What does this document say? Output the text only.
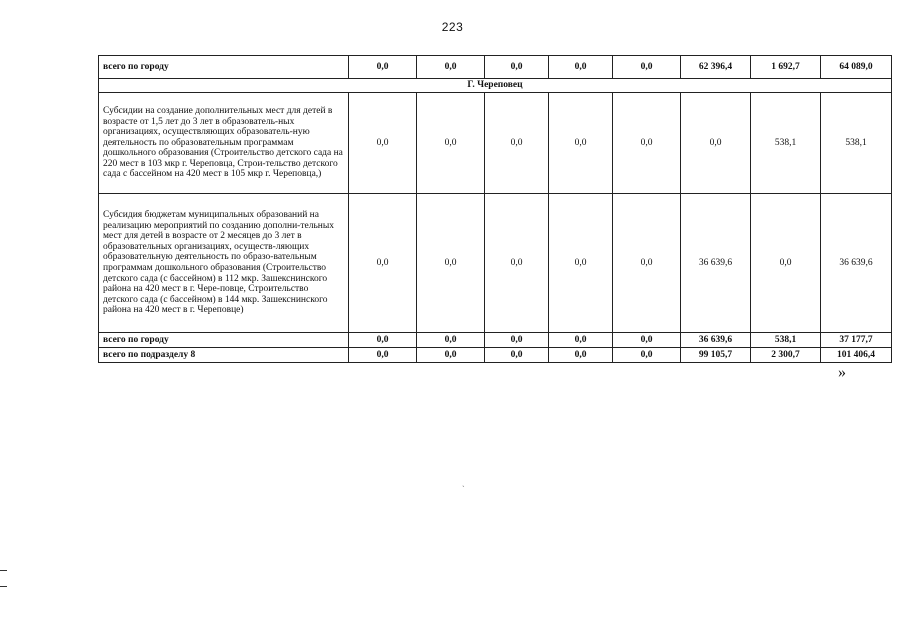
223
всего по городу	0,0	0,0	0,0	0,0	0,0	62 396,4	1 692,7	64 089,0
Г. Череповец								
Субсидии на создание дополнительных мест для детей в возрасте от 1,5 лет до 3 лет в образователь-ных организациях, осуществляющих образователь-ную деятельность по образовательным программам дошкольного образования (Строительство детского сада на 220 мест в 103 мкр г. Череповца, Строи-тельство детского сада с бассейном на 420 мест в 105 мкр г. Череповца,)	0,0	0,0	0,0	0,0	0,0	0,0	538,1	538,1
Субсидия бюджетам муниципальных образований на реализацию мероприятий по созданию дополни-тельных мест для детей в возрасте от 2 месяцев до 3 лет в образовательных организациях, осуществ-ляющих образовательную деятельность по образо-вательным программам дошкольного образования (Строительство детского сада (с бассейном) в 112 мкр. Зашекснинского района на 420 мест в г. Чере-повце, Строительство детского сада (с бассейном) в 144 мкр. Зашекснинского района на 420 мест в г. Череповце)	0,0	0,0	0,0	0,0	0,0	36 639,6	0,0	36 639,6
всего по городу	0,0	0,0	0,0	0,0	0,0	36 639,6	538,1	37 177,7
всего по подразделу 8	0,0	0,0	0,0	0,0	0,0	99 105,7	2 300,7	101 406,4
»
ˎ
